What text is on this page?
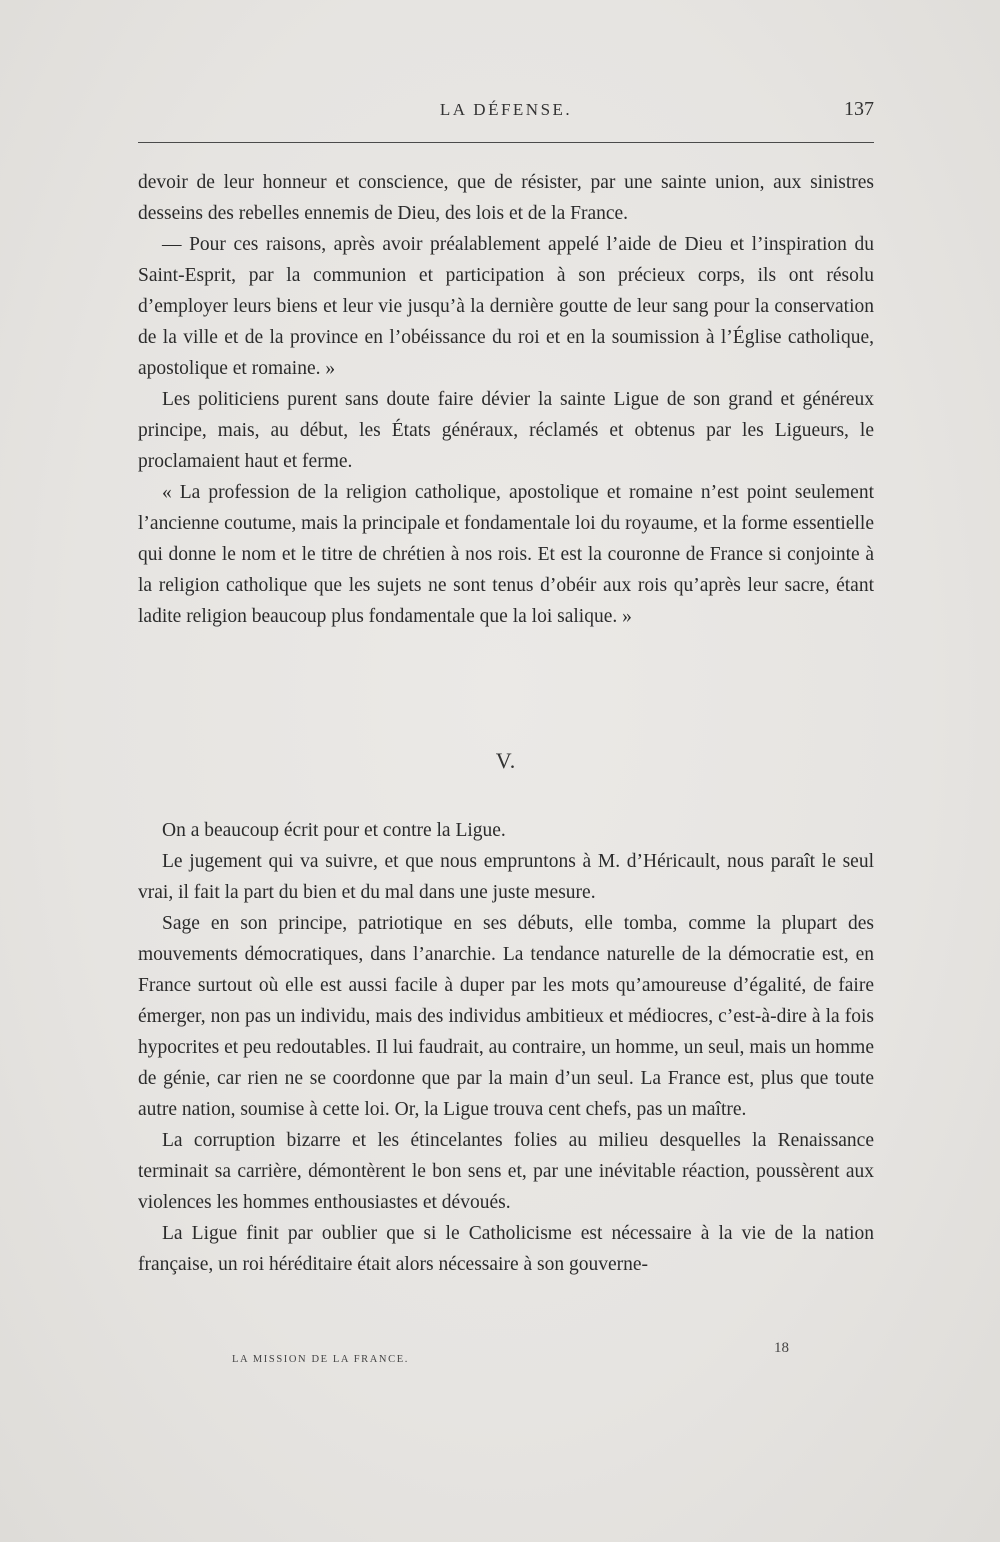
LA DÉFENSE.	137

devoir de leur honneur et conscience, que de résister, par une sainte union, aux sinistres desseins des rebelles ennemis de Dieu, des lois et de la France.

— Pour ces raisons, après avoir préalablement appelé l’aide de Dieu et l’inspiration du Saint-Esprit, par la communion et participation à son précieux corps, ils ont résolu d’employer leurs biens et leur vie jusqu’à la dernière goutte de leur sang pour la conservation de la ville et de la province en l’obéissance du roi et en la soumission à l’Église catholique, apostolique et romaine. »

Les politiciens purent sans doute faire dévier la sainte Ligue de son grand et généreux principe, mais, au début, les États généraux, réclamés et obtenus par les Ligueurs, le proclamaient haut et ferme.

« La profession de la religion catholique, apostolique et romaine n’est point seulement l’ancienne coutume, mais la principale et fondamentale loi du royaume, et la forme essentielle qui donne le nom et le titre de chrétien à nos rois. Et est la couronne de France si conjointe à la religion catholique que les sujets ne sont tenus d’obéir aux rois qu’après leur sacre, étant ladite religion beaucoup plus fondamentale que la loi salique. »

V.

On a beaucoup écrit pour et contre la Ligue.

Le jugement qui va suivre, et que nous empruntons à M. d’Héricault, nous paraît le seul vrai, il fait la part du bien et du mal dans une juste mesure.

Sage en son principe, patriotique en ses débuts, elle tomba, comme la plupart des mouvements démocratiques, dans l’anarchie. La tendance naturelle de la démocratie est, en France surtout où elle est aussi facile à duper par les mots qu’amoureuse d’égalité, de faire émerger, non pas un individu, mais des individus ambitieux et médiocres, c’est-à-dire à la fois hypocrites et peu redoutables. Il lui faudrait, au contraire, un homme, un seul, mais un homme de génie, car rien ne se coordonne que par la main d’un seul. La France est, plus que toute autre nation, soumise à cette loi. Or, la Ligue trouva cent chefs, pas un maître.

La corruption bizarre et les étincelantes folies au milieu desquelles la Renaissance terminait sa carrière, démontèrent le bon sens et, par une inévitable réaction, poussèrent aux violences les hommes enthousiastes et dévoués.

La Ligue finit par oublier que si le Catholicisme est nécessaire à la vie de la nation française, un roi héréditaire était alors nécessaire à son gouverne-

LA MISSION DE LA FRANCE.
18
